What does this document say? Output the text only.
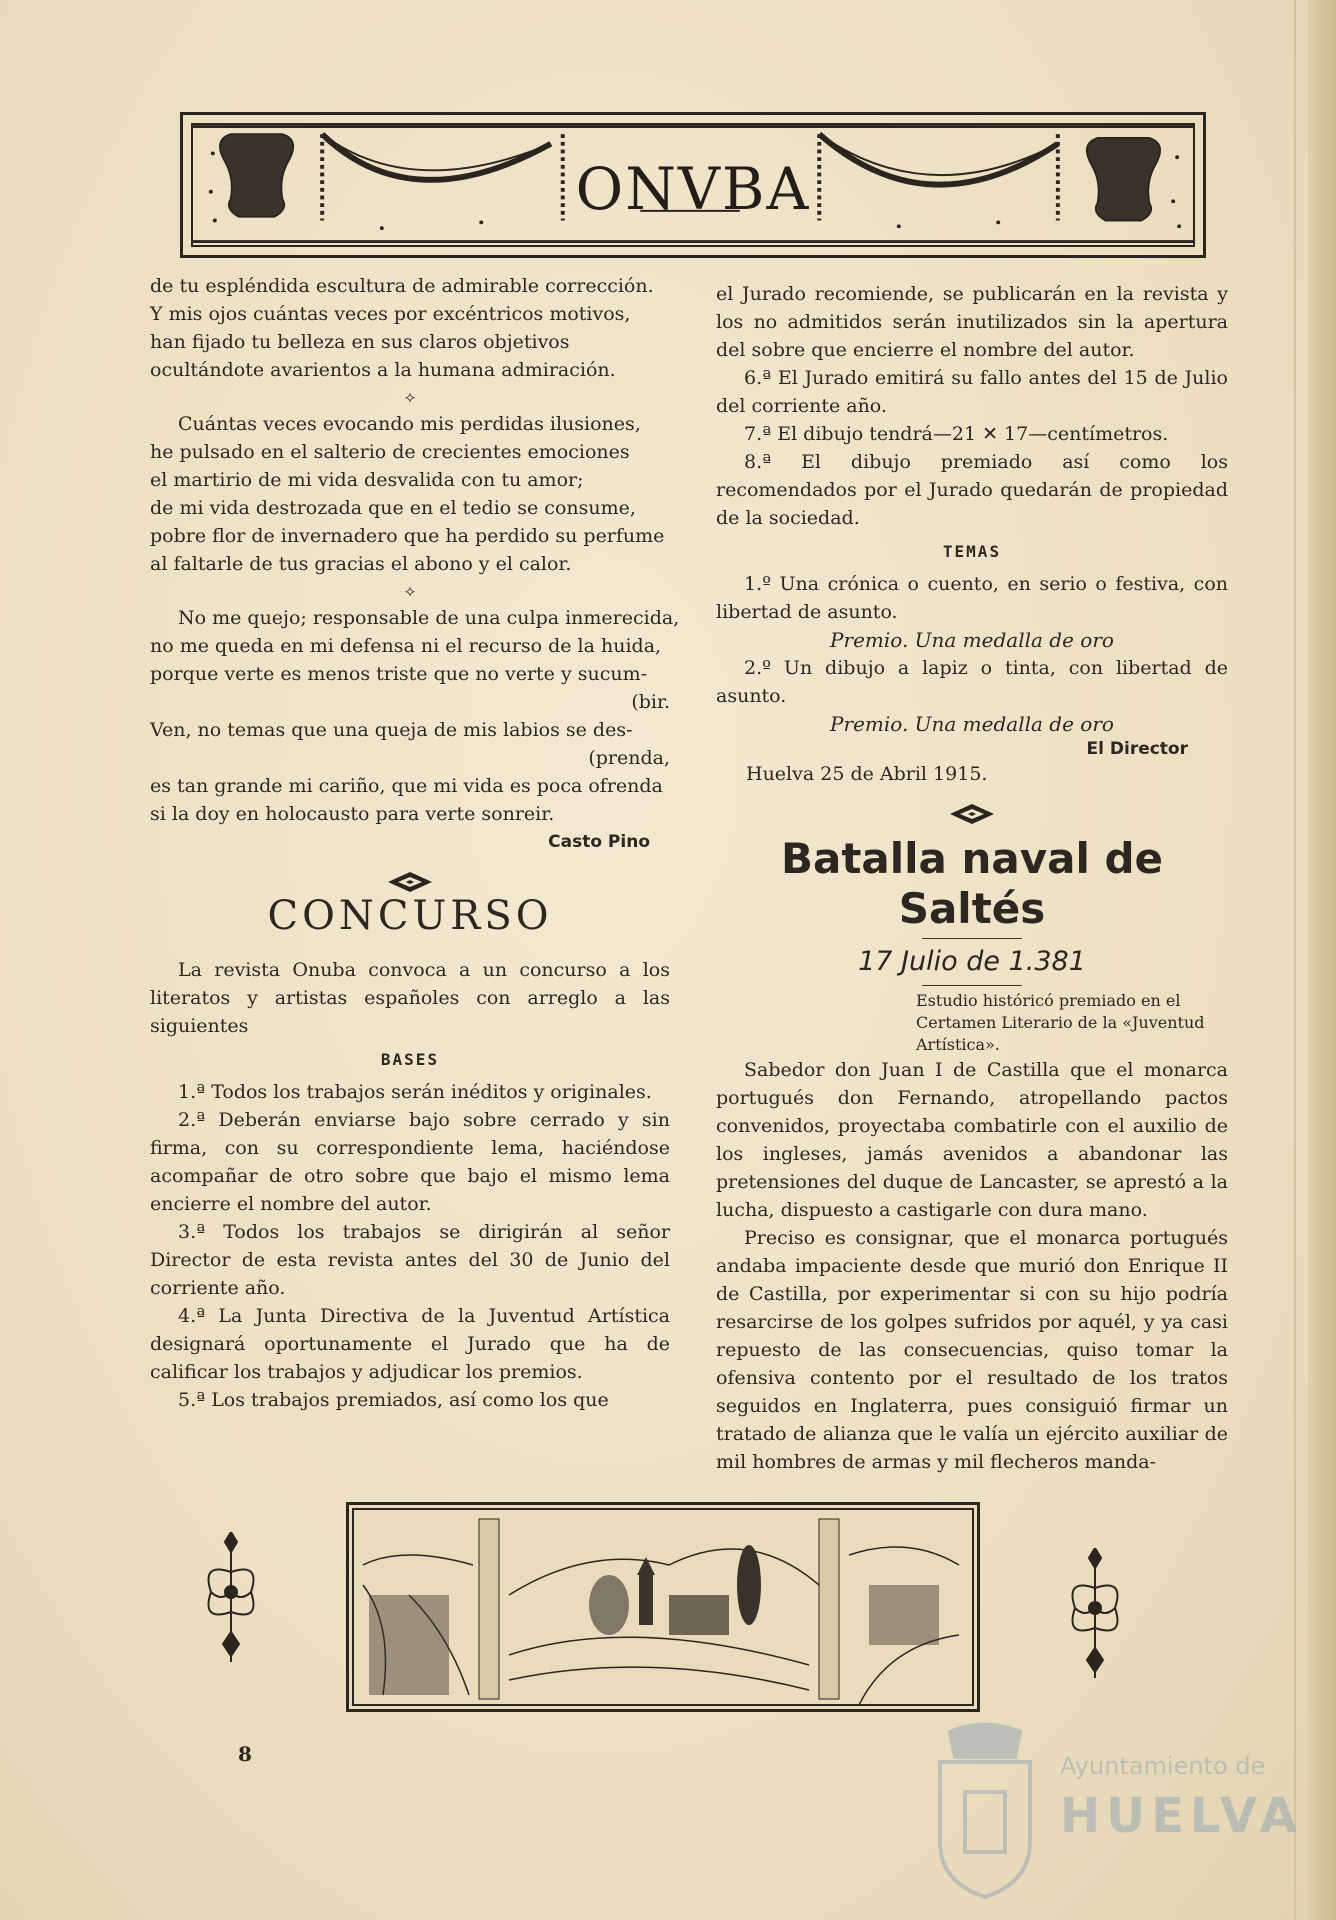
ONVBA

de tu espléndida escultura de admirable corrección.

Y mis ojos cuántas veces por excéntricos motivos,

han fijado tu belleza en sus claros objetivos

ocultándote avarientos a la humana admiración.

⟡

Cuántas veces evocando mis perdidas ilusiones,

he pulsado en el salterio de crecientes emociones

el martirio de mi vida desvalida con tu amor;

de mi vida destrozada que en el tedio se consume,

pobre flor de invernadero que ha perdido su perfume

al faltarle de tus gracias el abono y el calor.

⟡

No me quejo; responsable de una culpa inmerecida,

no me queda en mi defensa ni el recurso de la huida,

porque verte es menos triste que no verte y sucum-

(bir.

Ven, no temas que una queja de mis labios se des-

(prenda,

es tan grande mi cariño, que mi vida es poca ofrenda

si la doy en holocausto para verte sonreir.

Casto Pino

CONCURSO

La revista Onuba convoca a un concurso a los literatos y artistas españoles con arreglo a las siguientes

BASES

1.ª Todos los trabajos serán inéditos y originales.

2.ª Deberán enviarse bajo sobre cerrado y sin firma, con su correspondiente lema, haciéndose acompañar de otro sobre que bajo el mismo lema encierre el nombre del autor.

3.ª Todos los trabajos se dirigirán al señor Director de esta revista antes del 30 de Junio del corriente año.

4.ª La Junta Directiva de la Juventud Artística designará oportunamente el Jurado que ha de calificar los trabajos y adjudicar los premios.

5.ª Los trabajos premiados, así como los que

el Jurado recomiende, se publicarán en la revista y los no admitidos serán inutilizados sin la apertura del sobre que encierre el nombre del autor.

6.ª El Jurado emitirá su fallo antes del 15 de Julio del corriente año.

7.ª El dibujo tendrá—21 ✕ 17—centímetros.

8.ª El dibujo premiado así como los recomendados por el Jurado quedarán de propiedad de la sociedad.

TEMAS

1.º Una crónica o cuento, en serio o festiva, con libertad de asunto.

Premio. Una medalla de oro

2.º Un dibujo a lapiz o tinta, con libertad de asunto.

Premio. Una medalla de oro

El Director

Huelva 25 de Abril 1915.

Batalla naval de Saltés
17 Julio de 1.381

Estudio históricó premiado en el Certamen Literario de la «Juventud Artística».

Sabedor don Juan I de Castilla que el monarca portugués don Fernando, atropellando pactos convenidos, proyectaba combatirle con el auxilio de los ingleses, jamás avenidos a abandonar las pretensiones del duque de Lancaster, se aprestó a la lucha, dispuesto a castigarle con dura mano.

Preciso es consignar, que el monarca portugués andaba impaciente desde que murió don Enrique II de Castilla, por experimentar si con su hijo podría resarcirse de los golpes sufridos por aquél, y ya casi repuesto de las consecuencias, quiso tomar la ofensiva contento por el resultado de los tratos seguidos en Inglaterra, pues consiguió firmar un tratado de alianza que le valía un ejército auxiliar de mil hombres de armas y mil flecheros manda-

8	Ayuntamiento de
HUELVA
